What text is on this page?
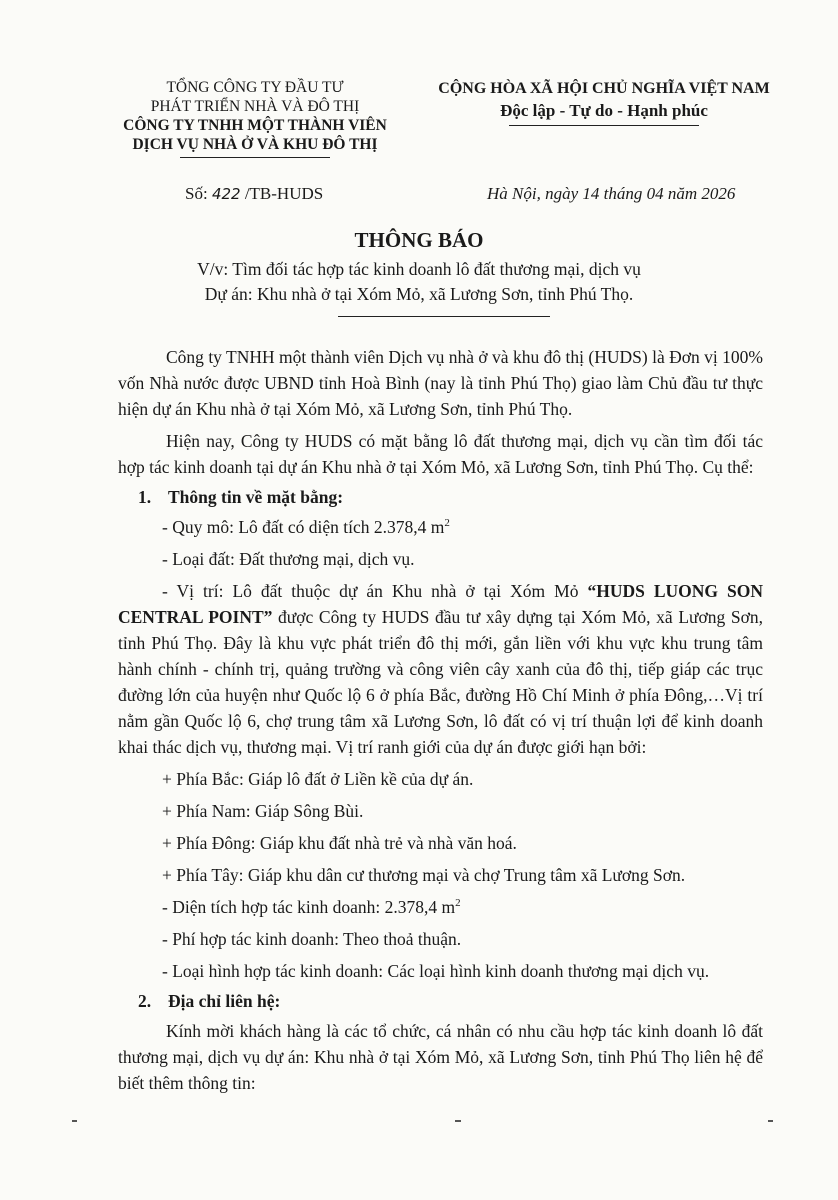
TỔNG CÔNG TY ĐẦU TƯ
PHÁT TRIỂN NHÀ VÀ ĐÔ THỊ
CÔNG TY TNHH MỘT THÀNH VIÊN
DỊCH VỤ NHÀ Ở VÀ KHU ĐÔ THỊ
CỘNG HÒA XÃ HỘI CHỦ NGHĨA VIỆT NAM
Độc lập - Tự do - Hạnh phúc
Số: 422 /TB-HUDS	Hà Nội, ngày 14 tháng 04 năm 2026
THÔNG BÁO
V/v: Tìm đối tác hợp tác kinh doanh lô đất thương mại, dịch vụ
Dự án: Khu nhà ở tại Xóm Mỏ, xã Lương Sơn, tỉnh Phú Thọ.

Công ty TNHH một thành viên Dịch vụ nhà ở và khu đô thị (HUDS) là Đơn vị 100% vốn Nhà nước được UBND tỉnh Hoà Bình (nay là tỉnh Phú Thọ) giao làm Chủ đầu tư thực hiện dự án Khu nhà ở tại Xóm Mỏ, xã Lương Sơn, tỉnh Phú Thọ.

Hiện nay, Công ty HUDS có mặt bằng lô đất thương mại, dịch vụ cần tìm đối tác hợp tác kinh doanh tại dự án Khu nhà ở tại Xóm Mỏ, xã Lương Sơn, tỉnh Phú Thọ. Cụ thể:

1. Thông tin về mặt bằng:

- Quy mô: Lô đất có diện tích 2.378,4 $m^2$

- Loại đất: Đất thương mại, dịch vụ.

- Vị trí: Lô đất thuộc dự án Khu nhà ở tại Xóm Mỏ “HUDS LUONG SON CENTRAL POINT” được Công ty HUDS đầu tư xây dựng tại Xóm Mỏ, xã Lương Sơn, tỉnh Phú Thọ. Đây là khu vực phát triển đô thị mới, gắn liền với khu vực khu trung tâm hành chính - chính trị, quảng trường và công viên cây xanh của đô thị, tiếp giáp các trục đường lớn của huyện như Quốc lộ 6 ở phía Bắc, đường Hồ Chí Minh ở phía Đông,…Vị trí nằm gần Quốc lộ 6, chợ trung tâm xã Lương Sơn, lô đất có vị trí thuận lợi để kinh doanh khai thác dịch vụ, thương mại. Vị trí ranh giới của dự án được giới hạn bởi:

+ Phía Bắc: Giáp lô đất ở Liền kề của dự án.

+ Phía Nam: Giáp Sông Bùi.

+ Phía Đông: Giáp khu đất nhà trẻ và nhà văn hoá.

+ Phía Tây: Giáp khu dân cư thương mại và chợ Trung tâm xã Lương Sơn.

- Diện tích hợp tác kinh doanh: 2.378,4 $m^2$

- Phí hợp tác kinh doanh: Theo thoả thuận.

- Loại hình hợp tác kinh doanh: Các loại hình kinh doanh thương mại dịch vụ.

2. Địa chỉ liên hệ:

Kính mời khách hàng là các tổ chức, cá nhân có nhu cầu hợp tác kinh doanh lô đất thương mại, dịch vụ dự án: Khu nhà ở tại Xóm Mỏ, xã Lương Sơn, tỉnh Phú Thọ liên hệ để biết thêm thông tin:
